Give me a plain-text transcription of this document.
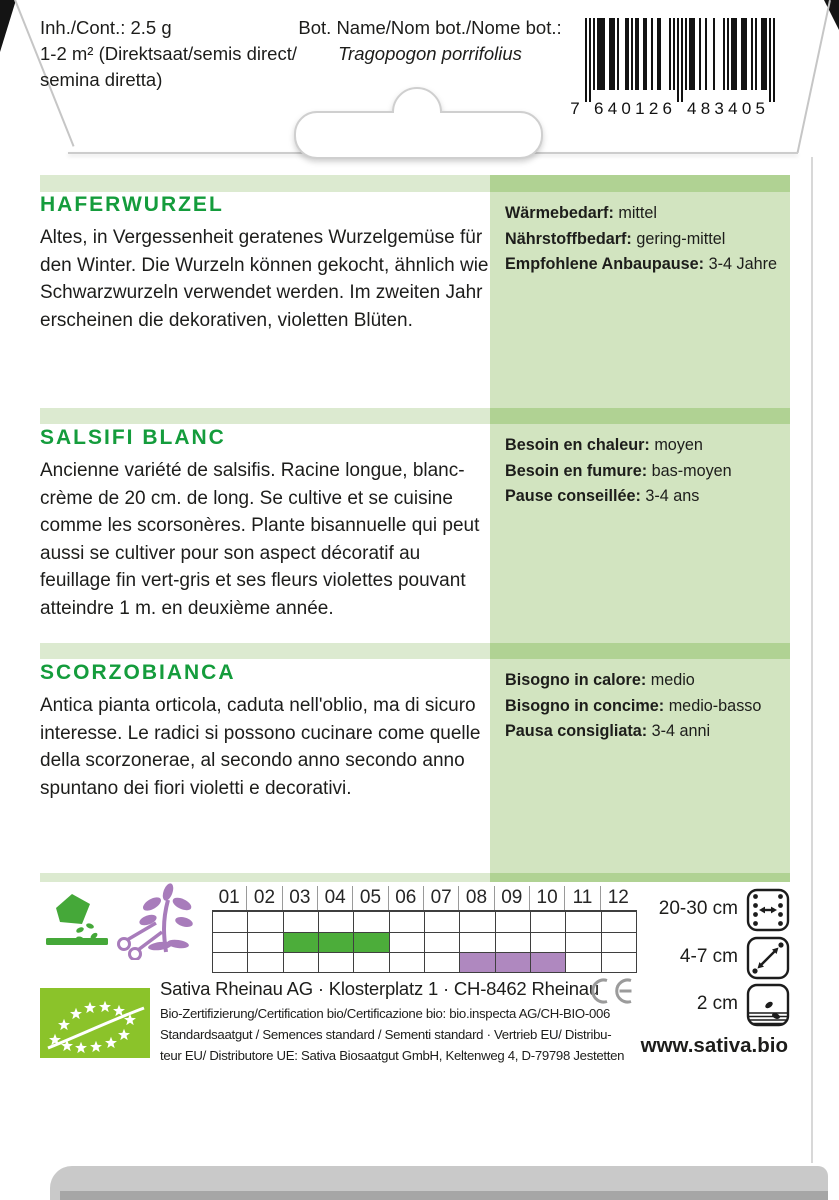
Inh./Cont.: 2.5 g
1-2 m² (Direktsaat/semis direct/
semina diretta)
Bot. Name/Nom bot./Nome bot.:
Tragopogon porrifolius
7 640126 483405
HAFERWURZEL
Altes, in Vergessenheit geratenes Wurzelgemüse für den Winter. Die Wurzeln können gekocht, ähnlich wie Schwarzwurzeln verwendet werden. Im zweiten Jahr erscheinen die dekorativen, violetten Blüten.
SALSIFI BLANC
Ancienne variété de salsifis. Racine longue, blanc-crème de 20 cm. de long. Se cultive et se cuisine comme les scorsonères. Plante bisannuelle qui peut aussi se cultiver pour son aspect décoratif au feuillage fin vert-gris et ses fleurs violettes pouvant atteindre 1 m. en deuxième année.
SCORZOBIANCA
Antica pianta orticola, caduta nell'oblio, ma di sicuro interesse. Le radici si possono cucinare come quelle della scorzonerae, al secondo anno secondo anno spuntano dei fiori violetti e decorativi.
Wärmebedarf: mittel
Nährstoffbedarf: gering-mittel
Empfohlene Anbaupause: 3-4 Jahre
Besoin en chaleur: moyen
Besoin en fumure: bas-moyen
Pause conseillée: 3-4 ans
Bisogno in calore: medio
Bisogno in concime: medio-basso
Pausa consigliata: 3-4 anni
01 02 03 04 05 06 07 08 09 10 11 12
20-30 cm
4-7 cm
2 cm
www.sativa.bio
Sativa Rheinau AG · Klosterplatz 1 · CH-8462 Rheinau
Bio-Zertifizierung/Certification bio/Certificazione bio: bio.inspecta AG/CH-BIO-006
Standardsaatgut / Semences standard / Sementi standard · Vertrieb EU/ Distribu-
teur EU/ Distributore UE: Sativa Biosaatgut GmbH, Keltenweg 4, D-79798 Jestetten
